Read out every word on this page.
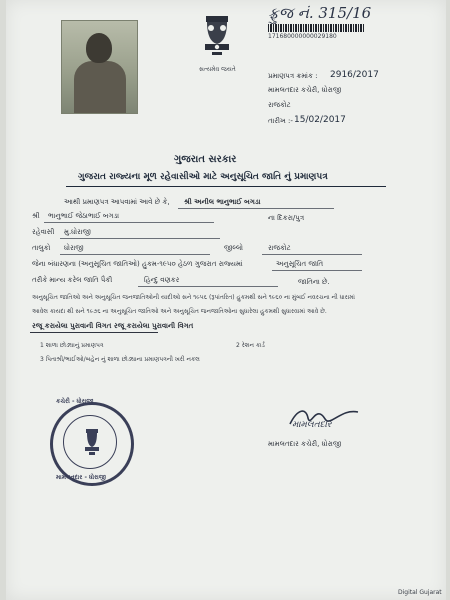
ફ્રુજ નં. 315/16
સત્યમેવ જયતે
171680000000029180
પ્રમાણપત્ર ક્રમાંક : 2916/2017
મામલતદાર કચેરી, ધોરાજી
રાજકોટ
તારીખ :- 15/02/2017
ગુજરાત સરકાર
ગુજરાત રાજ્યના મૂળ રહેવાસીઓ માટે અનુસૂચિત જાતિ નું પ્રમાણપત્ર
આથી પ્રમાણપત્ર આપવામાં આવે છે કે, શ્રી અનીલ ભાનુભાઈ બગડા
શ્રી ભાનુભાઈ જેઠાભાઈ બગડા	ના દિકરા/પુત્ર
રહેવાસી મુ.ધોરાજી
તાલુકો ધોરાજી	જીલ્લો	રાજકોટ
જેના બંધારણના (અનુસૂચિત જાતિઓ) હુકમ-૧૯૫૦ હેઠળ ગુજરાત રાજ્યમાં	અનુસૂચિત જાતિ
તરીકે માન્ય કરેલ જાતિ પૈકી	હિન્દુ વણકર	જાતિના છે.
અનુસૂચિત જાતિઓ અને અનુસૂચિત જનજાતિઓની યાદીઓ સને ૧૯૫૬ (રૂપાંતરિત) હુકમથી સને ૧૯૬૦ ના મુંબઈ નવરચના ની ધારામાં
આવેલ કાયદા થી સને ૧૯૭૬ ના અનુસૂચિત જાતિઓ અને અનુસૂચિત જનજાતિઓના સુધારેલા હુકમથી સુધારવામાં આવે છે.
રજૂ કરાયેલા પુરાવાની વિગત રજૂ કરાયેલા પુરાવાની વિગત
1 શાળા છોડ્યાનું પ્રમાણપત્ર	2 રેશન કાર્ડ
3 પિતાશ્રી/ભાઈઓ/બહેન નું શાળા છોડ્યાના પ્રમાણપત્રની ખરી નકલ
કચેરી - ધોરાજી
મામલતદાર - ધોરાજી
મામલતદાર
મામલતદાર કચેરી, ધોરાજી
Digital Gujarat
